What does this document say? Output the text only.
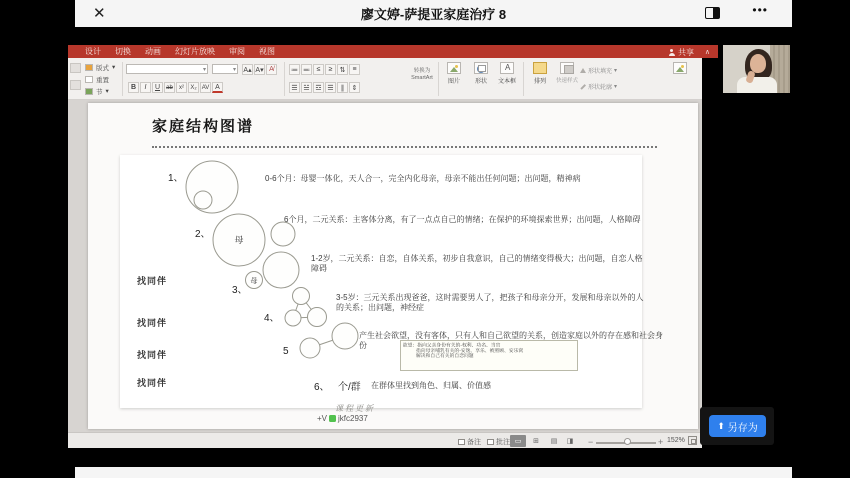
✕	廖文婷-萨提亚家庭治疗 8	•••
设计 切换 动画 幻灯片放映 审阅 视图	共享 ∧
版式 ▾
重置
节 ▾
▾	▾ A▴ A▾ A̸
B	I	U	ab	x²	X₂ AV A
≔ ≕ ≤	≥	⇅	≡
☰ ☱ ☲ ☰	∥	⇕
转换为
SmartArt
图片	形状
A	文本框	排列	快速样式
形状填充 ▾
形状轮廓 ▾
家庭结构图谱
母
母
1、	0-6个月：母婴一体化，天人合一，完全内化母亲，母亲不能出任何问题；出问题，精神病
2、
6个月，二元关系：主客体分离，有了一点点自己的情绪；在保护的环境探索世界；出问题，人格障碍
找同伴
3、
1-2岁，二元关系：自恋，自体关系，初步自我意识，自己的情绪变得极大；出问题，自恋人格障碍
找同伴	4、
3-5岁：三元关系出现爸爸，这时需要男人了，把孩子和母亲分开，发展和母亲以外的人的关系；出问题，神经症
找同伴	5
产生社会欲望，没有客体，只有人和自己欲望的关系，创造家庭以外的存在感和社会身份	欲望：指向父亲身份有关的-权利、功名、当官
指向母亲哺乳有关的-安逸、享乐、被照顾、安乐窝
解决和自己有关的自恋问题
找同伴	6、 个/群 在群体里找到角色、归属、价值感
课程更新
+V jkfc2937
备注 批注 ▭	⊞	▤	◨	−	+ 152%
⬆ 另存为
